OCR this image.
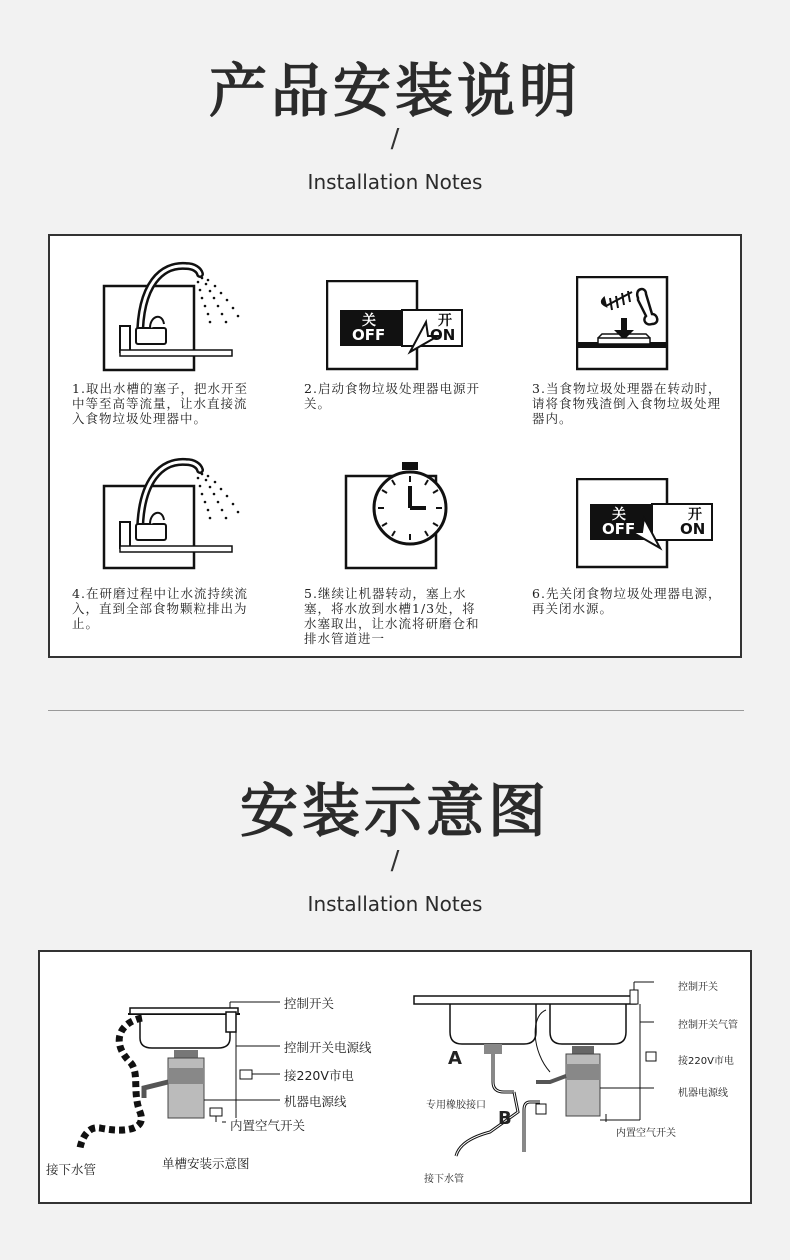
产品安装说明
/
Installation Notes
1.取出水槽的塞子，把水开至中等至高等流量，让水直接流入食物垃圾处理器中。
关
OFF
开
ON
2.启动食物垃圾处理器电源开关。
3.当食物垃圾处理器在转动时，请将食物残渣倒入食物垃圾处理器内。
4.在研磨过程中让水流持续流入，直到全部食物颗粒排出为止。
5.继续让机器转动，塞上水塞，将水放到水槽1/3处，将水塞取出，让水流将研磨仓和排水管道进一
关
OFF
开
ON
6.先关闭食物垃圾处理器电源，再关闭水源。
安装示意图
/
Installation Notes
控制开关
控制开关电源线
接220V市电
机器电源线
内置空气开关
接下水管	单槽安装示意图
A
B
控制开关
控制开关气管
接220V市电
机器电源线
内置空气开关
专用橡胶接口
接下水管
